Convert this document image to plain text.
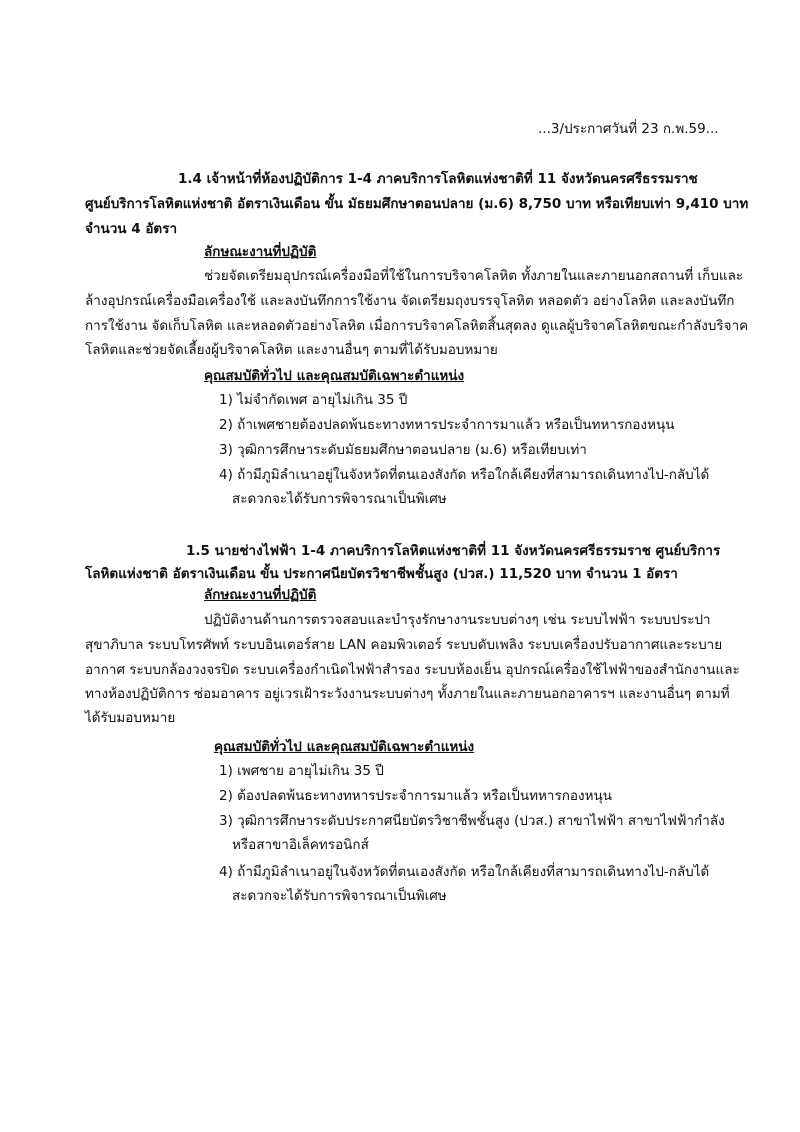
...3/ประกาศวันที่ 23 ก.พ.59...
1.4 เจ้าหน้าที่ห้องปฏิบัติการ 1-4 ภาคบริการโลหิตแห่งชาติที่ 11 จังหวัดนครศรีธรรมราช
ศูนย์บริการโลหิตแห่งชาติ อัตราเงินเดือน ขั้น มัธยมศึกษาตอนปลาย (ม.6) 8,750 บาท หรือเทียบเท่า 9,410 บาท
จำนวน 4 อัตรา
ลักษณะงานที่ปฏิบัติ
ช่วยจัดเตรียมอุปกรณ์เครื่องมือที่ใช้ในการบริจาคโลหิต ทั้งภายในและภายนอกสถานที่ เก็บและ
ล้างอุปกรณ์เครื่องมือเครื่องใช้ และลงบันทึกการใช้งาน จัดเตรียมถุงบรรจุโลหิต หลอดตัว อย่างโลหิต และลงบันทึก
การใช้งาน จัดเก็บโลหิต และหลอดตัวอย่างโลหิต เมื่อการบริจาคโลหิตสิ้นสุดลง ดูแลผู้บริจาคโลหิตขณะกำลังบริจาค
โลหิตและช่วยจัดเลี้ยงผู้บริจาคโลหิต และงานอื่นๆ ตามที่ได้รับมอบหมาย
คุณสมบัติทั่วไป และคุณสมบัติเฉพาะตำแหน่ง
1) ไม่จำกัดเพศ อายุไม่เกิน 35 ปี
2) ถ้าเพศชายต้องปลดพ้นธะทางทหารประจำการมาแล้ว หรือเป็นทหารกองหนุน
3) วุฒิการศึกษาระดับมัธยมศึกษาตอนปลาย (ม.6) หรือเทียบเท่า
4) ถ้ามีภูมิลำเนาอยู่ในจังหวัดที่ตนเองสังกัด หรือใกล้เคียงที่สามารถเดินทางไป-กลับได้
สะดวกจะได้รับการพิจารณาเป็นพิเศษ
1.5 นายช่างไฟฟ้า 1-4 ภาคบริการโลหิตแห่งชาติที่ 11 จังหวัดนครศรีธรรมราช ศูนย์บริการ
โลหิตแห่งชาติ อัตราเงินเดือน ขั้น ประกาศนียบัตรวิชาชีพชั้นสูง (ปวส.) 11,520 บาท จำนวน 1 อัตรา
ลักษณะงานที่ปฏิบัติ
ปฏิบัติงานด้านการตรวจสอบและบำรุงรักษางานระบบต่างๆ เช่น ระบบไฟฟ้า ระบบประปา
สุขาภิบาล ระบบโทรศัพท์ ระบบอินเตอร์สาย LAN คอมพิวเตอร์ ระบบดับเพลิง ระบบเครื่องปรับอากาศและระบาย
อากาศ ระบบกล้องวงจรปิด ระบบเครื่องกำเนิดไฟฟ้าสำรอง ระบบห้องเย็น อุปกรณ์เครื่องใช้ไฟฟ้าของสำนักงานและ
ทางห้องปฏิบัติการ ซ่อมอาคาร อยู่เวรเฝ้าระวังงานระบบต่างๆ ทั้งภายในและภายนอกอาคารฯ และงานอื่นๆ ตามที่
ได้รับมอบหมาย
คุณสมบัติทั่วไป และคุณสมบัติเฉพาะตำแหน่ง
1) เพศชาย อายุไม่เกิน 35 ปี
2) ต้องปลดพ้นธะทางทหารประจำการมาแล้ว หรือเป็นทหารกองหนุน
3) วุฒิการศึกษาระดับประกาศนียบัตรวิชาชีพชั้นสูง (ปวส.) สาขาไฟฟ้า สาขาไฟฟ้ากำลัง
หรือสาขาอิเล็คทรอนิกส์
4) ถ้ามีภูมิลำเนาอยู่ในจังหวัดที่ตนเองสังกัด หรือใกล้เคียงที่สามารถเดินทางไป-กลับได้
สะดวกจะได้รับการพิจารณาเป็นพิเศษ
